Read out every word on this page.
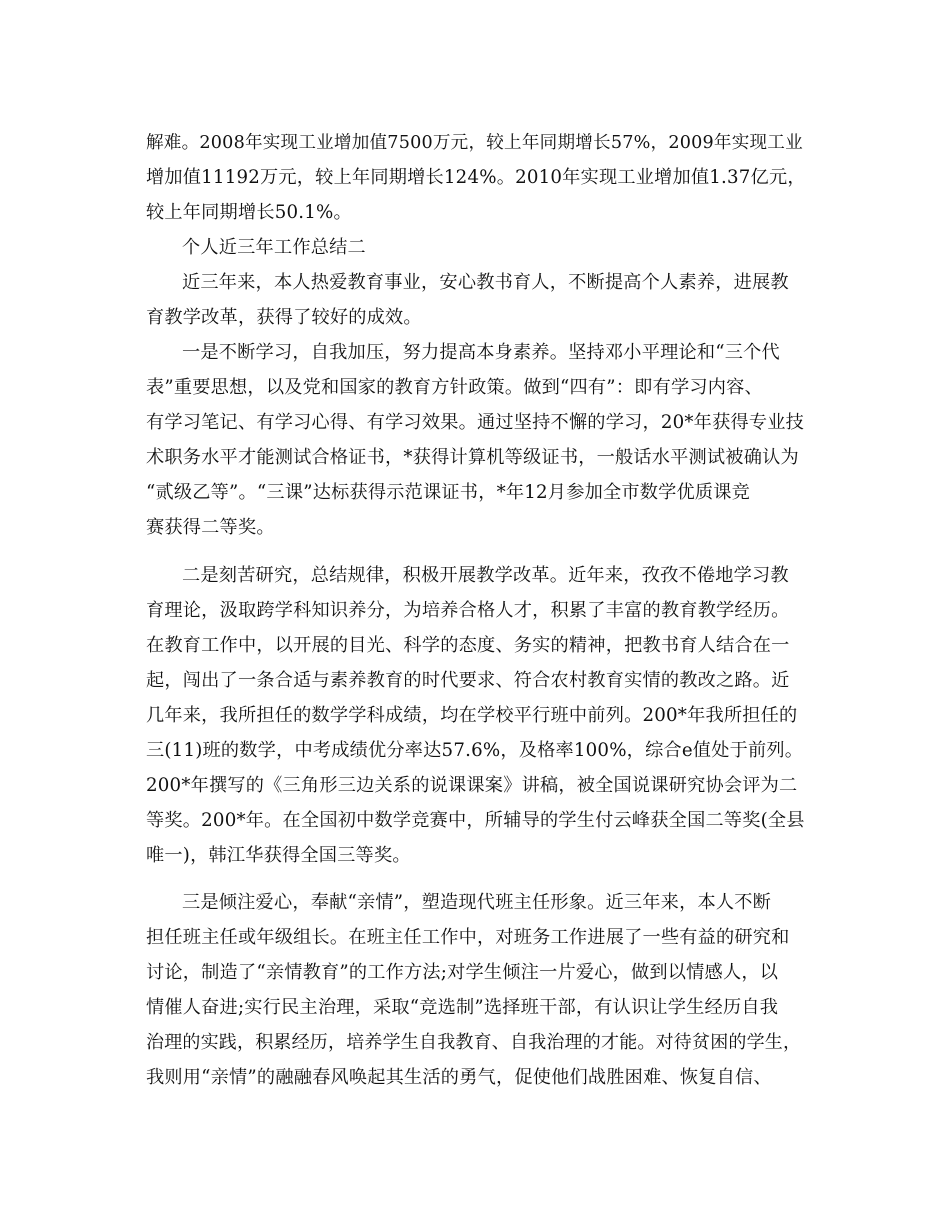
解难。2008年实现工业增加值7500万元，较上年同期增长57%，2009年实现工业
增加值11192万元，较上年同期增长124%。2010年实现工业增加值1.37亿元，
较上年同期增长50.1%。
个人近三年工作总结二
近三年来，本人热爱教育事业，安心教书育人，不断提高个人素养，进展教
育教学改革，获得了较好的成效。
一是不断学习，自我加压，努力提高本身素养。坚持邓小平理论和“三个代
表”重要思想，以及党和国家的教育方针政策。做到“四有”：即有学习内容、
有学习笔记、有学习心得、有学习效果。通过坚持不懈的学习，20*年获得专业技
术职务水平才能测试合格证书，*获得计算机等级证书，一般话水平测试被确认为
“贰级乙等”。“三课”达标获得示范课证书，*年12月参加全市数学优质课竞
赛获得二等奖。
二是刻苦研究，总结规律，积极开展教学改革。近年来，孜孜不倦地学习教
育理论，汲取跨学科知识养分，为培养合格人才，积累了丰富的教育教学经历。
在教育工作中，以开展的目光、科学的态度、务实的精神，把教书育人结合在一
起，闯出了一条合适与素养教育的时代要求、符合农村教育实情的教改之路。近
几年来，我所担任的数学学科成绩，均在学校平行班中前列。200*年我所担任的
三(11)班的数学，中考成绩优分率达57.6%，及格率100%，综合e值处于前列。
200*年撰写的《三角形三边关系的说课课案》讲稿，被全国说课研究协会评为二
等奖。200*年。在全国初中数学竞赛中，所辅导的学生付云峰获全国二等奖(全县
唯一)，韩江华获得全国三等奖。
三是倾注爱心，奉献“亲情”，塑造现代班主任形象。近三年来，本人不断
担任班主任或年级组长。在班主任工作中，对班务工作进展了一些有益的研究和
讨论，制造了“亲情教育”的工作方法;对学生倾注一片爱心，做到以情感人，以
情催人奋进;实行民主治理，采取“竞选制”选择班干部，有认识让学生经历自我
治理的实践，积累经历，培养学生自我教育、自我治理的才能。对待贫困的学生，
我则用“亲情”的融融春风唤起其生活的勇气，促使他们战胜困难、恢复自信、
